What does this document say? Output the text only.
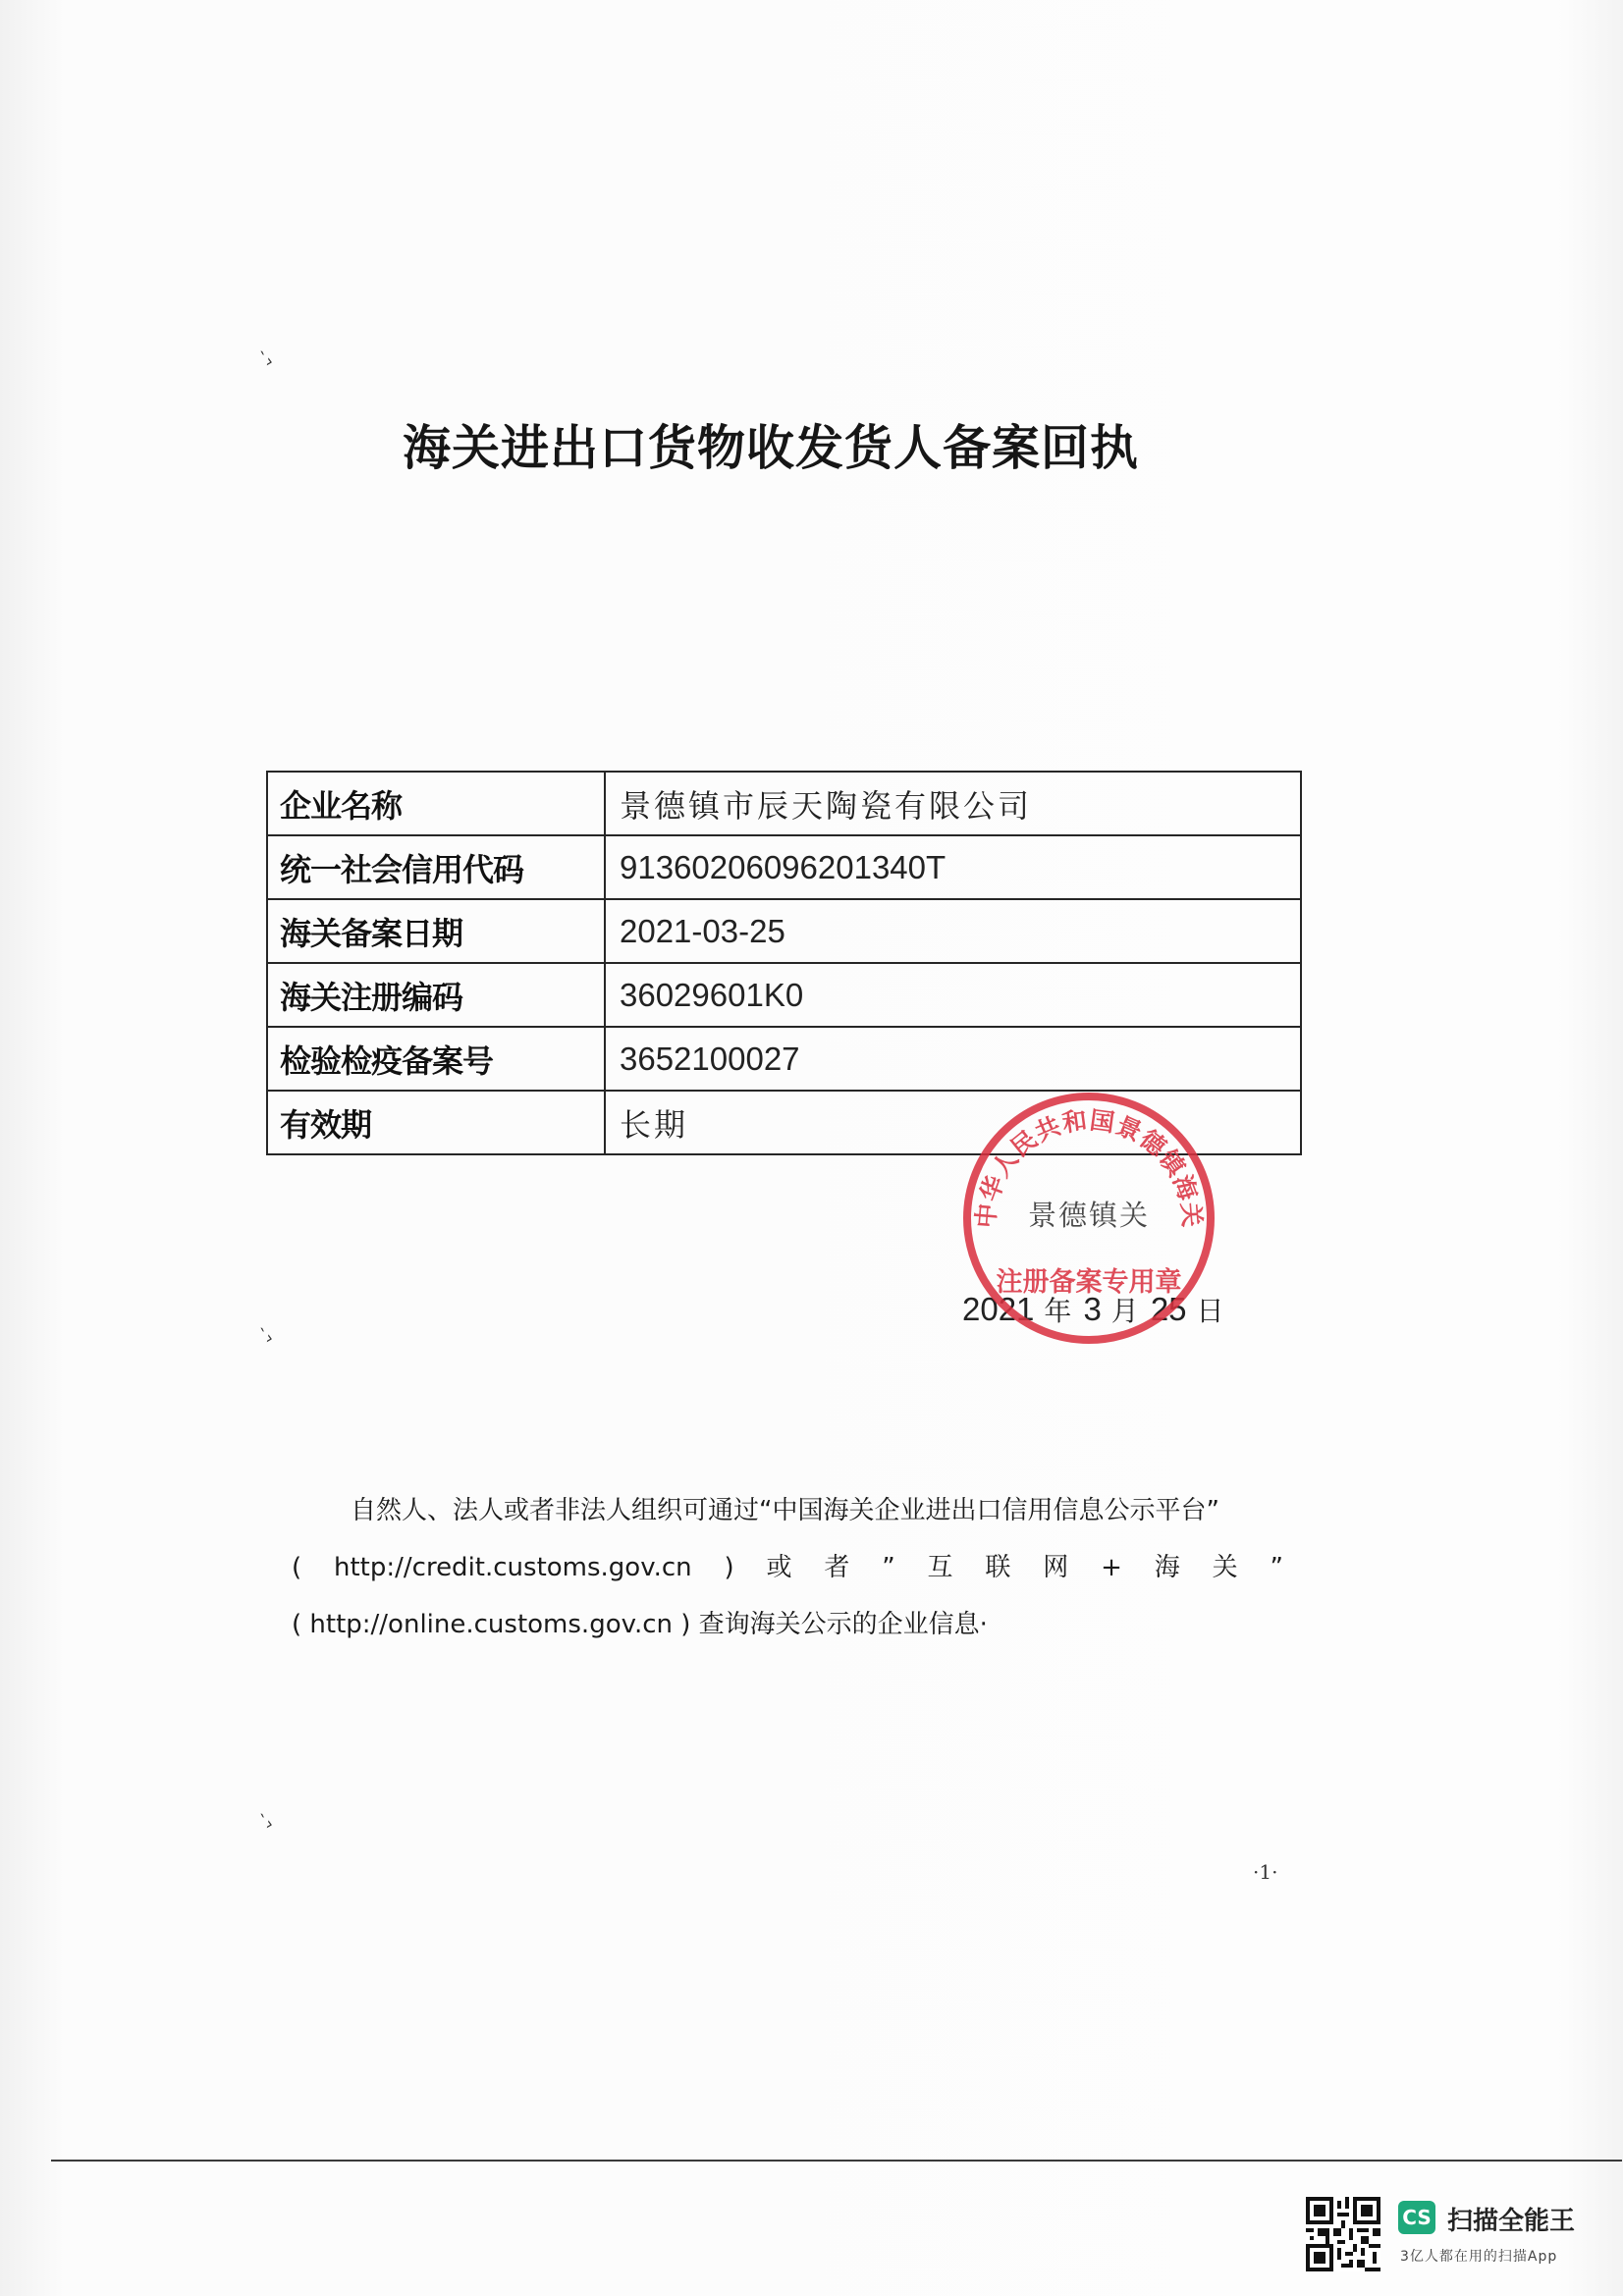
ˋ›
ˋ›
ˋ›
海关进出口货物收发货人备案回执
企业名称	景德镇市辰天陶瓷有限公司
统一社会信用代码	91360206096201340T
海关备案日期	2021-03-25
海关注册编码	36029601K0
检验检疫备案号	3652100027
有效期	长期
2021 年 3 月 25 日
中华人民共和国景德镇海关
景德镇关
注册备案专用章
自然人、法人或者非法人组织可通过“中国海关企业进出口信用信息公示平台”
( http://credit.customs.gov.cn ) 或 者 ” 互 联 网 + 海 关 ”
( http://online.customs.gov.cn ) 查询海关公示的企业信息·
·1·
CS 扫描全能王
3亿人都在用的扫描App
